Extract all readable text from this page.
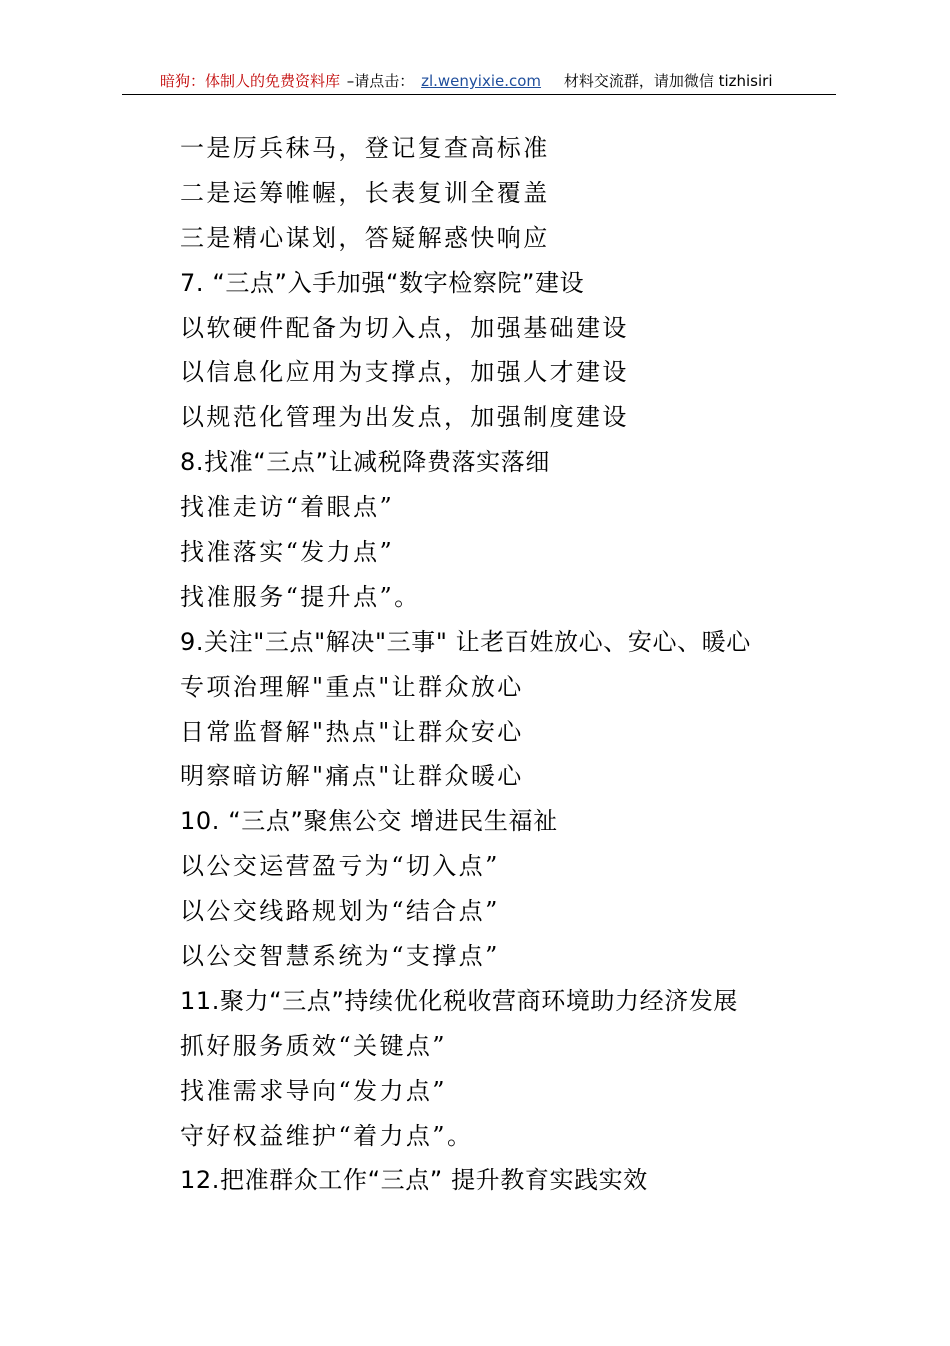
暗狗：体制人的免费资料库 –请点击： zl.wenyixie.com 材料交流群，请加微信 tizhisiri
一是厉兵秣马，登记复查高标准
二是运筹帷幄，长表复训全覆盖
三是精心谋划，答疑解惑快响应
7. “三点”入手加强“数字检察院”建设
以软硬件配备为切入点，加强基础建设
以信息化应用为支撑点，加强人才建设
以规范化管理为出发点，加强制度建设
8.找准“三点”让减税降费落实落细
找准走访“着眼点”
找准落实“发力点”
找准服务“提升点”。
9.关注"三点"解决"三事" 让老百姓放心、安心、暖心
专项治理解"重点"让群众放心
日常监督解"热点"让群众安心
明察暗访解"痛点"让群众暖心
10. “三点”聚焦公交 增进民生福祉
以公交运营盈亏为“切入点”
以公交线路规划为“结合点”
以公交智慧系统为“支撑点”
11.聚力“三点”持续优化税收营商环境助力经济发展
抓好服务质效“关键点”
找准需求导向“发力点”
守好权益维护“着力点”。
12.把准群众工作“三点” 提升教育实践实效
